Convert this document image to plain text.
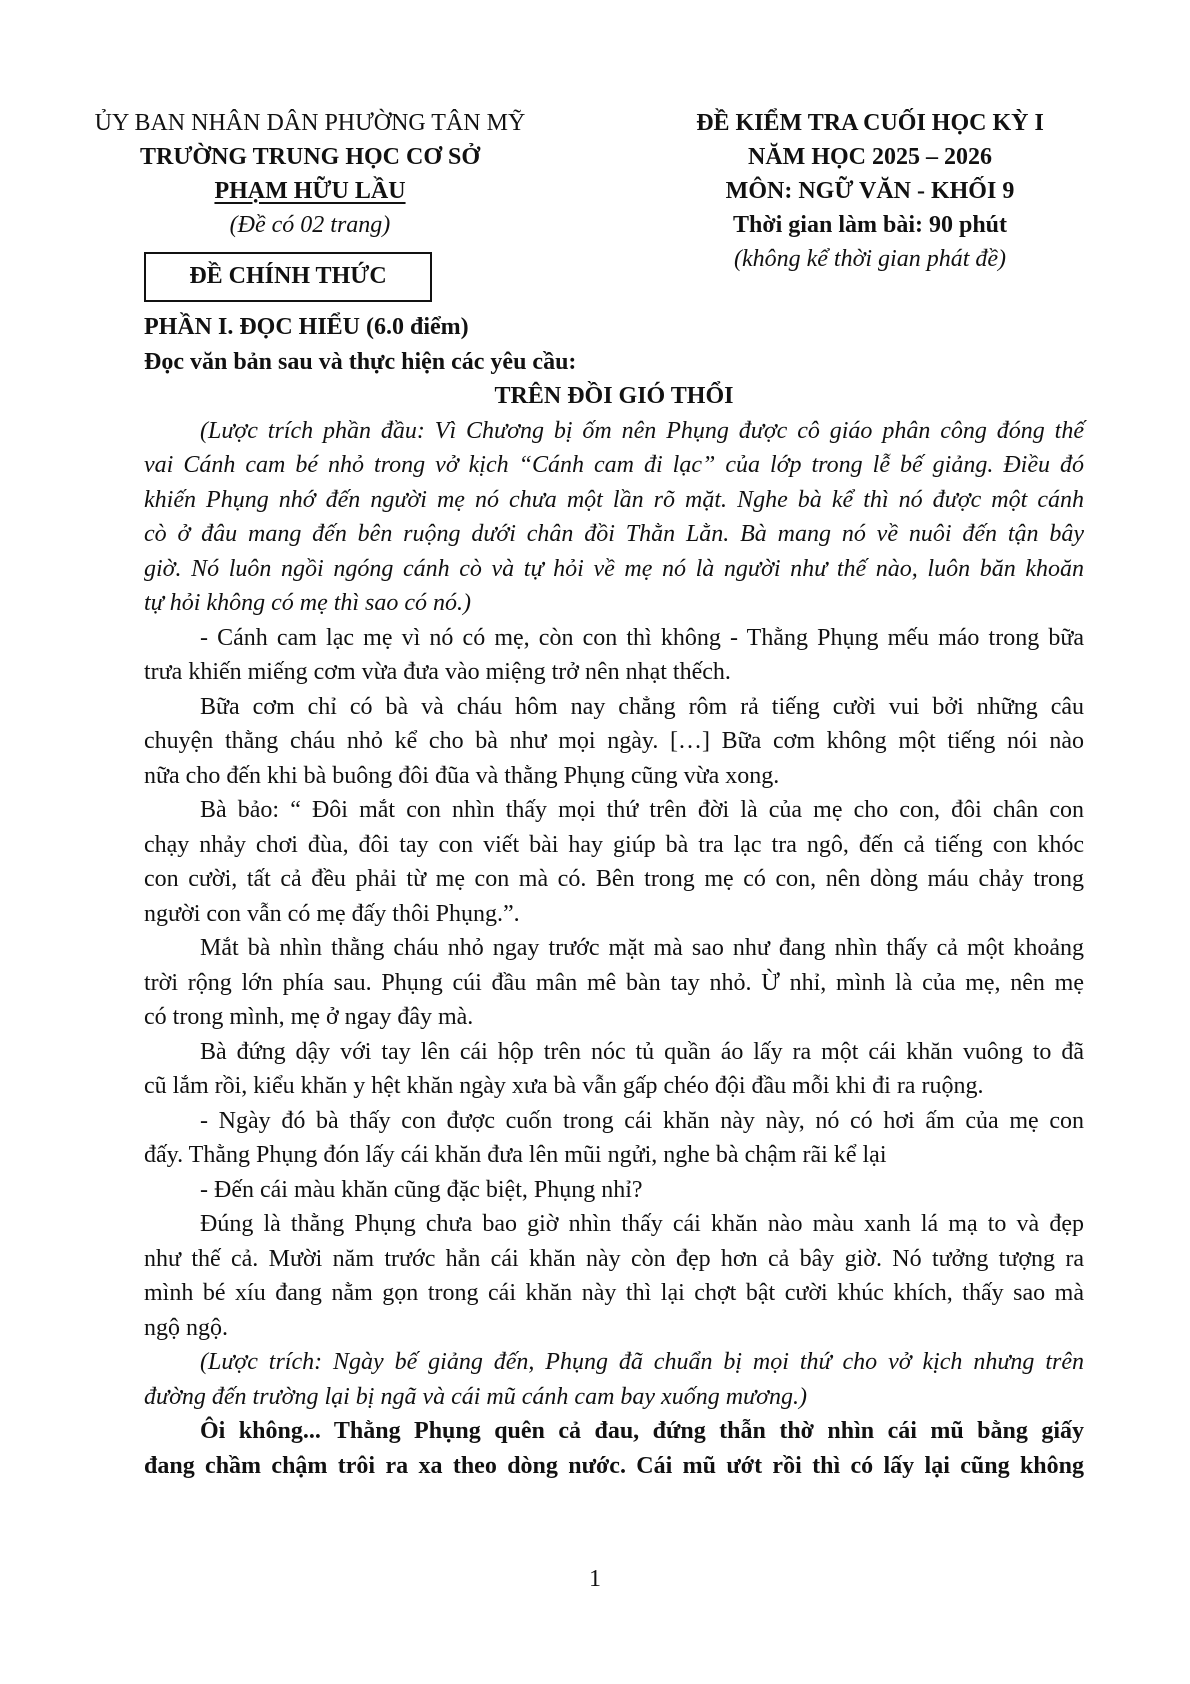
ỦY BAN NHÂN DÂN PHƯỜNG TÂN MỸ
TRƯỜNG TRUNG HỌC CƠ SỞ
PHẠM HỮU LẦU
(Đề có 02 trang)
ĐỀ CHÍNH THỨC
ĐỀ KIỂM TRA CUỐI HỌC KỲ I
NĂM HỌC 2025 – 2026
MÔN: NGỮ VĂN - KHỐI 9
Thời gian làm bài: 90 phút
(không kể thời gian phát đề)
PHẦN I. ĐỌC HIỂU (6.0 điểm)
Đọc văn bản sau và thực hiện các yêu cầu:
TRÊN ĐỒI GIÓ THỔI
(Lược trích phần đầu: Vì Chương bị ốm nên Phụng được cô giáo phân công đóng thế
vai Cánh cam bé nhỏ trong vở kịch “Cánh cam đi lạc” của lớp trong lễ bế giảng. Điều đó
khiến Phụng nhớ đến người mẹ nó chưa một lần rõ mặt. Nghe bà kể thì nó được một cánh
cò ở đâu mang đến bên ruộng dưới chân đồi Thằn Lằn. Bà mang nó về nuôi đến tận bây
giờ. Nó luôn ngồi ngóng cánh cò và tự hỏi về mẹ nó là người như thế nào, luôn băn khoăn
tự hỏi không có mẹ thì sao có nó.)
- Cánh cam lạc mẹ vì nó có mẹ, còn con thì không - Thằng Phụng mếu máo trong bữa
trưa khiến miếng cơm vừa đưa vào miệng trở nên nhạt thếch.
Bữa cơm chỉ có bà và cháu hôm nay chẳng rôm rả tiếng cười vui bởi những câu
chuyện thằng cháu nhỏ kể cho bà như mọi ngày. […] Bữa cơm không một tiếng nói nào
nữa cho đến khi bà buông đôi đũa và thằng Phụng cũng vừa xong.
Bà bảo: “ Đôi mắt con nhìn thấy mọi thứ trên đời là của mẹ cho con, đôi chân con
chạy nhảy chơi đùa, đôi tay con viết bài hay giúp bà tra lạc tra ngô, đến cả tiếng con khóc
con cười, tất cả đều phải từ mẹ con mà có. Bên trong mẹ có con, nên dòng máu chảy trong
người con vẫn có mẹ đấy thôi Phụng.”.
Mắt bà nhìn thằng cháu nhỏ ngay trước mặt mà sao như đang nhìn thấy cả một khoảng
trời rộng lớn phía sau. Phụng cúi đầu mân mê bàn tay nhỏ. Ừ nhỉ, mình là của mẹ, nên mẹ
có trong mình, mẹ ở ngay đây mà.
Bà đứng dậy với tay lên cái hộp trên nóc tủ quần áo lấy ra một cái khăn vuông to đã
cũ lắm rồi, kiểu khăn y hệt khăn ngày xưa bà vẫn gấp chéo đội đầu mỗi khi đi ra ruộng.
- Ngày đó bà thấy con được cuốn trong cái khăn này này, nó có hơi ấm của mẹ con
đấy. Thằng Phụng đón lấy cái khăn đưa lên mũi ngửi, nghe bà chậm rãi kể lại
- Đến cái màu khăn cũng đặc biệt, Phụng nhỉ?
Đúng là thằng Phụng chưa bao giờ nhìn thấy cái khăn nào màu xanh lá mạ to và đẹp
như thế cả. Mười năm trước hẳn cái khăn này còn đẹp hơn cả bây giờ. Nó tưởng tượng ra
mình bé xíu đang nằm gọn trong cái khăn này thì lại chợt bật cười khúc khích, thấy sao mà
ngộ ngộ.
(Lược trích: Ngày bế giảng đến, Phụng đã chuẩn bị mọi thứ cho vở kịch nhưng trên
đường đến trường lại bị ngã và cái mũ cánh cam bay xuống mương.)
Ôi không... Thằng Phụng quên cả đau, đứng thẫn thờ nhìn cái mũ bằng giấy
đang chầm chậm trôi ra xa theo dòng nước. Cái mũ ướt rồi thì có lấy lại cũng không
1
